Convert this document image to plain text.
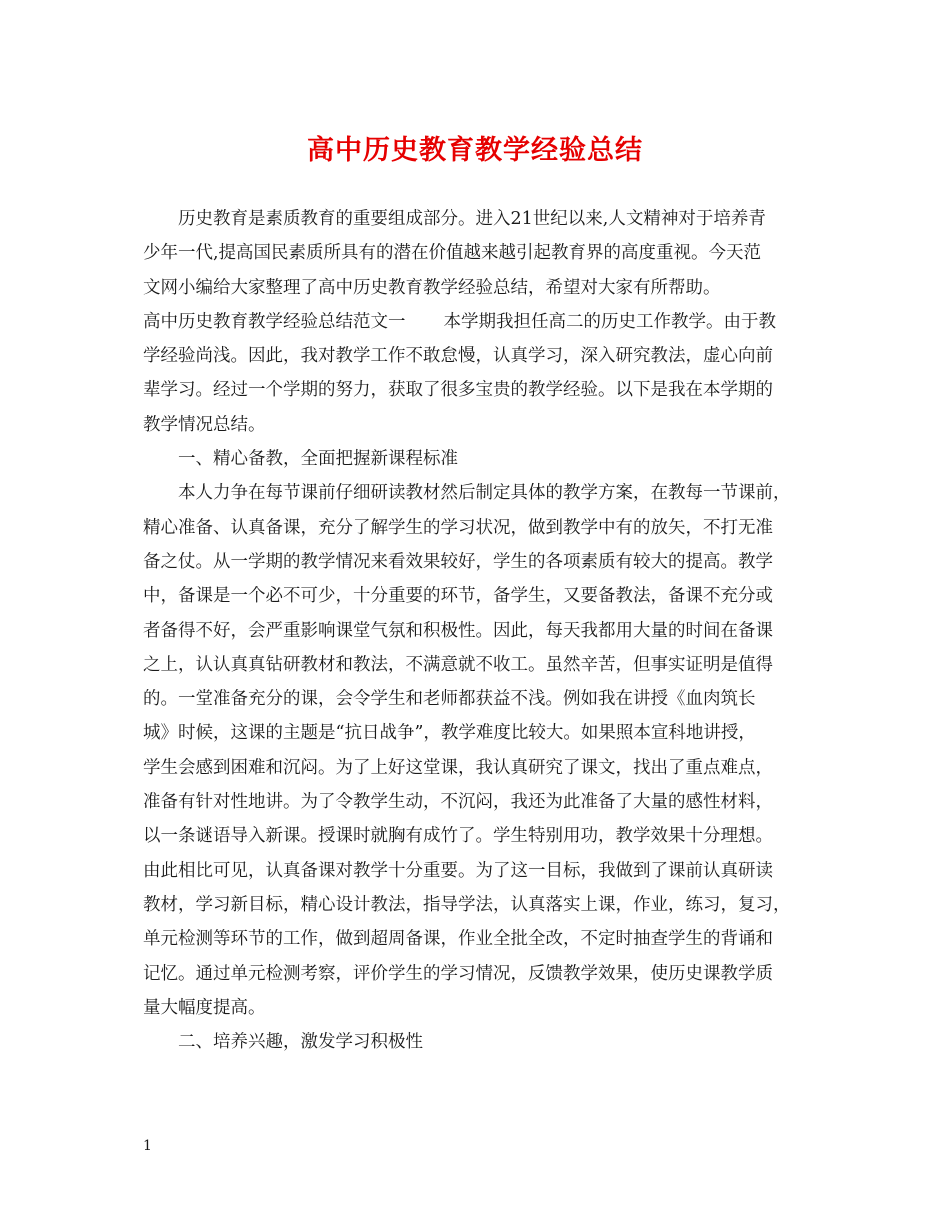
高中历史教育教学经验总结
　　历史教育是素质教育的重要组成部分。进入21世纪以来,人文精神对于培养青
少年一代,提高国民素质所具有的潜在价值越来越引起教育界的高度重视。今天范
文网小编给大家整理了高中历史教育教学经验总结，希望对大家有所帮助。
高中历史教育教学经验总结范文一 本学期我担任高二的历史工作教学。由于教
学经验尚浅。因此，我对教学工作不敢怠慢，认真学习，深入研究教法，虚心向前
辈学习。经过一个学期的努力，获取了很多宝贵的教学经验。以下是我在本学期的
教学情况总结。
　　一、精心备教，全面把握新课程标准
　　本人力争在每节课前仔细研读教材然后制定具体的教学方案，在教每一节课前，
精心准备、认真备课，充分了解学生的学习状况，做到教学中有的放矢，不打无准
备之仗。从一学期的教学情况来看效果较好，学生的各项素质有较大的提高。教学
中，备课是一个必不可少，十分重要的环节，备学生，又要备教法，备课不充分或
者备得不好，会严重影响课堂气氛和积极性。因此，每天我都用大量的时间在备课
之上，认认真真钻研教材和教法，不满意就不收工。虽然辛苦，但事实证明是值得
的。一堂准备充分的课，会令学生和老师都获益不浅。例如我在讲授《血肉筑长
城》时候，这课的主题是“抗日战争”，教学难度比较大。如果照本宣科地讲授，
学生会感到困难和沉闷。为了上好这堂课，我认真研究了课文，找出了重点难点，
准备有针对性地讲。为了令教学生动，不沉闷，我还为此准备了大量的感性材料，
以一条谜语导入新课。授课时就胸有成竹了。学生特别用功，教学效果十分理想。
由此相比可见，认真备课对教学十分重要。为了这一目标，我做到了课前认真研读
教材，学习新目标，精心设计教法，指导学法，认真落实上课，作业，练习，复习，
单元检测等环节的工作，做到超周备课，作业全批全改，不定时抽查学生的背诵和
记忆。通过单元检测考察，评价学生的学习情况，反馈教学效果，使历史课教学质
量大幅度提高。
　　二、培养兴趣，激发学习积极性
1
